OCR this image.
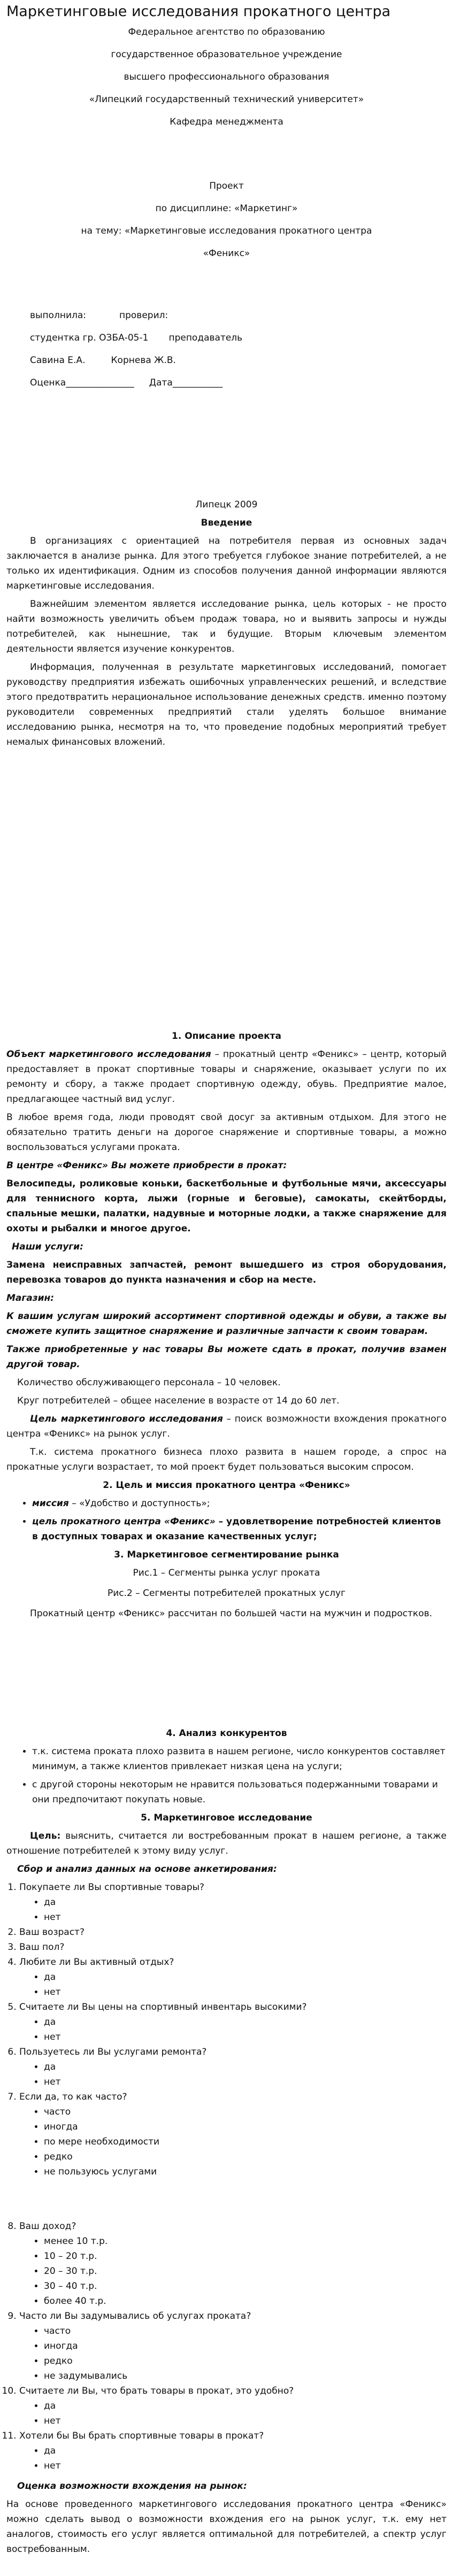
Маркетинговые исследования прокатного центра
Федеральное агентство по образованию
государственное образовательное учреждение
высшего профессионального образования
«Липецкий государственный технический университет»
Кафедра менеджмента
Проект
по дисциплине: «Маркетинг»
на тему: «Маркетинговые исследования прокатного центра
«Феникс»
выполнила:	проверил:
студентка гр. ОЗБА-05-1 преподаватель
Савина Е.А.	Корнева Ж.В.
Оценка_______________ Дата___________
Липецк 2009
Введение

В организациях с ориентацией на потребителя первая из основных задач заключается в анализе рынка. Для этого требуется глубокое знание потребителей, а не только их идентификация. Одним из способов получения данной информации являются маркетинговые исследования.

Важнейшим элементом является исследование рынка, цель которых - не просто найти возможность увеличить объем продаж товара, но и выявить запросы и нужды потребителей, как нынешние, так и будущие. Вторым ключевым элементом деятельности является изучение конкурентов.

Информация, полученная в результате маркетинговых исследований, помогает руководству предприятия избежать ошибочных управленческих решений, и вследствие этого предотвратить нерациональное использование денежных средств. именно поэтому руководители современных предприятий стали уделять большое внимание исследованию рынка, несмотря на то, что проведение подобных мероприятий требует немалых финансовых вложений.

1. Описание проекта

Объект маркетингового исследования – прокатный центр «Феникс» – центр, который предоставляет в прокат спортивные товары и снаряжение, оказывает услуги по их ремонту и сбору, а также продает спортивную одежду, обувь. Предприятие малое, предлагающее частный вид услуг.

В любое время года, люди проводят свой досуг за активным отдыхом. Для этого не обязательно тратить деньги на дорогое снаряжение и спортивные товары, а можно воспользоваться услугами проката.

В центре «Феникс» Вы можете приобрести в прокат:

Велосипеды, роликовые коньки, баскетбольные и футбольные мячи, аксессуары для теннисного корта, лыжи (горные и беговые), самокаты, скейтборды, спальные мешки, палатки, надувные и моторные лодки, а также снаряжение для охоты и рыбалки и многое другое.

Наши услуги:

Замена неисправных запчастей, ремонт вышедшего из строя оборудования, перевозка товаров до пункта назначения и сбор на месте.

Магазин:

К вашим услугам широкий ассортимент спортивной одежды и обуви, а также вы сможете купить защитное снаряжение и различные запчасти к своим товарам.

Также приобретенные у нас товары Вы можете сдать в прокат, получив взамен другой товар.

Количество обслуживающего персонала – 10 человек.

Круг потребителей – общее население в возрасте от 14 до 60 лет.

Цель маркетингового исследования – поиск возможности вхождения прокатного центра «Феникс» на рынок услуг.

Т.к. система прокатного бизнеса плохо развита в нашем городе, а спрос на прокатные услуги возрастает, то мой проект будет пользоваться высоким спросом.

2. Цель и миссия прокатного центра «Феникс»
• миссия – «Удобство и доступность»;
• цель прокатного центра «Феникс» – удовлетворение потребностей клиентов в доступных товарах и оказание качественных услуг;
3. Маркетинговое сегментирование рынка
Рис.1 – Сегменты рынка услуг проката
Рис.2 – Сегменты потребителей прокатных услуг

Прокатный центр «Феникс» рассчитан по большей части на мужчин и подростков.

4. Анализ конкурентов
• т.к. система проката плохо развита в нашем регионе, число конкурентов составляет минимум, а также клиентов привлекает низкая цена на услуги;
• с другой стороны некоторым не нравится пользоваться подержанными товарами и они предпочитают покупать новые.
5. Маркетинговое исследование

Цель: выяснить, считается ли востребованным прокат в нашем регионе, а также отношение потребителей к этому виду услуг.

Сбор и анализ данных на основе анкетирования:

1. Покупаете ли Вы спортивные товары?
• да
• нет
2. Ваш возраст?
3. Ваш пол?
4. Любите ли Вы активный отдых?
• да
• нет
5. Считаете ли Вы цены на спортивный инвентарь высокими?
• да
• нет
6. Пользуетесь ли Вы услугами ремонта?
• да
• нет
7. Если да, то как часто?
• часто
• иногда
• по мере необходимости
• редко
• не пользуюсь услугами
8. Ваш доход?
• менее 10 т.р.
• 10 – 20 т.р.
• 20 – 30 т.р.
• 30 – 40 т.р.
• более 40 т.р.
9. Часто ли Вы задумывались об услугах проката?
• часто
• иногда
• редко
• не задумывались
10. Считаете ли Вы, что брать товары в прокат, это удобно?
• да
• нет
11. Хотели бы Вы брать спортивные товары в прокат?
• да
• нет

Оценка возможности вхождения на рынок:

На основе проведенного маркетингового исследования прокатного центра «Феникс» можно сделать вывод о возможности вхождения его на рынок услуг, т.к. ему нет аналогов, стоимость его услуг является оптимальной для потребителей, а спектр услуг востребованным.
